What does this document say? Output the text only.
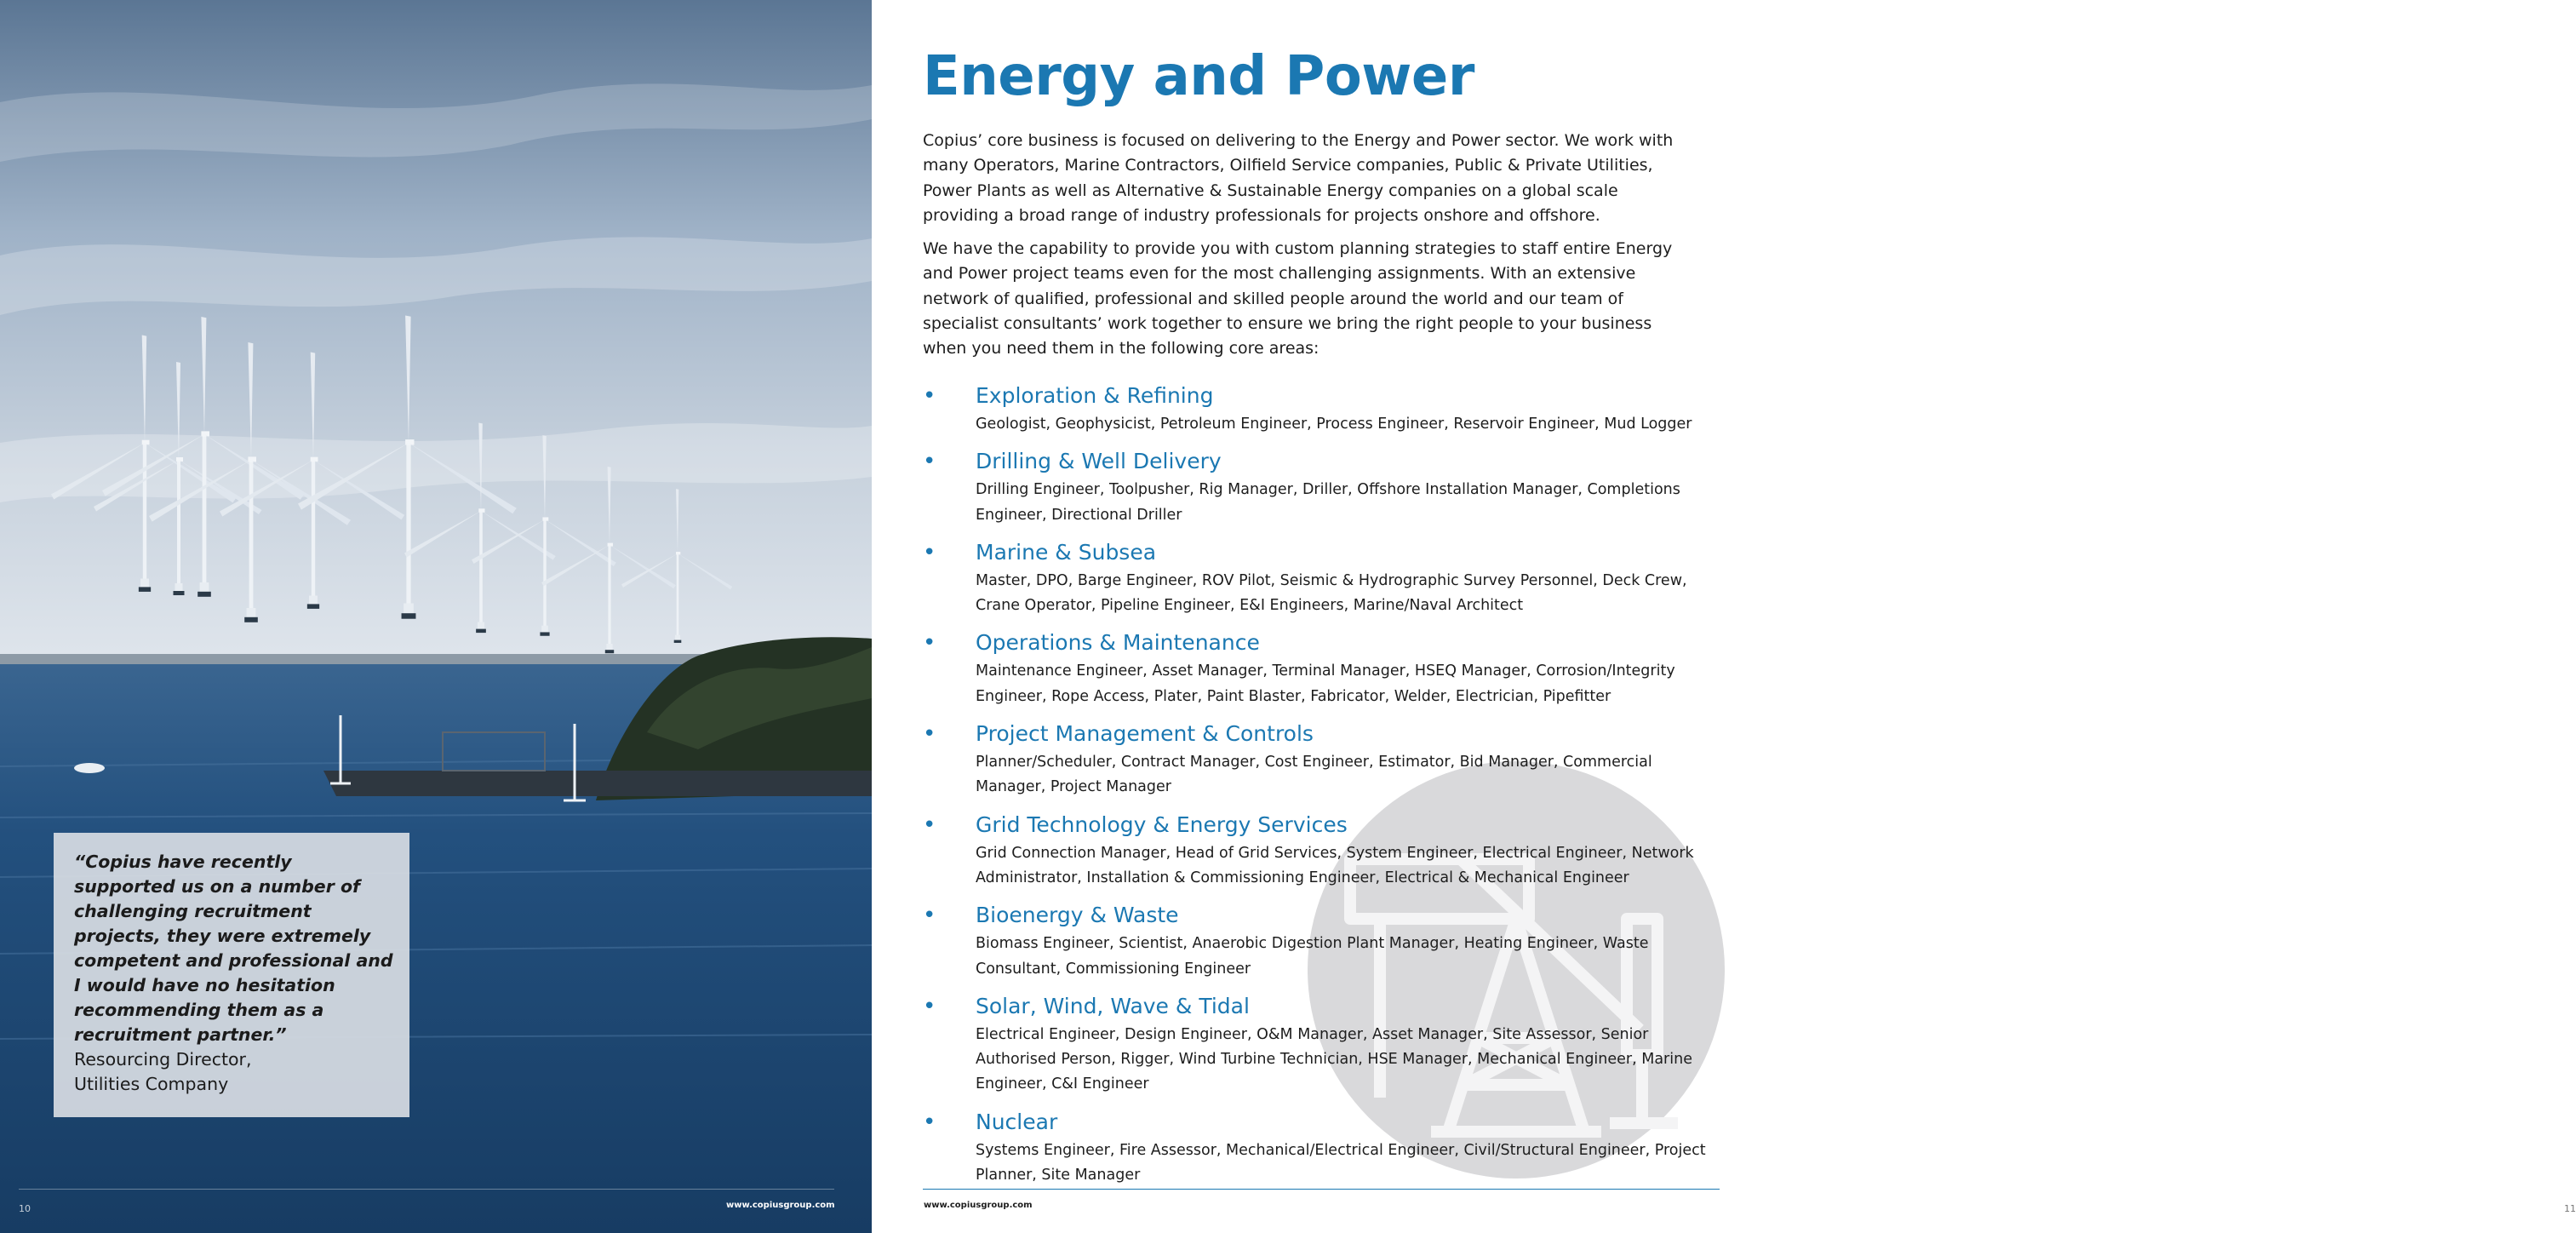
“Copius have recently supported us on a number of challenging recruitment projects, they were extremely competent and professional and I would have no hesitation recommending them as a recruitment partner.”
Resourcing Director,
Utilities Company
10	www.copiusgroup.com
Energy and Power

Copius’ core business is focused on delivering to the Energy and Power sector. We work with many Operators, Marine Contractors, Oilfield Service companies, Public & Private Utilities, Power Plants as well as Alternative & Sustainable Energy companies on a global scale providing a broad range of industry professionals for projects onshore and offshore.

We have the capability to provide you with custom planning strategies to staff entire Energy and Power project teams even for the most challenging assignments. With an extensive network of qualified, professional and skilled people around the world and our team of specialist consultants’ work together to ensure we bring the right people to your business when you need them in the following core areas:

• Exploration & Refining
Geologist, Geophysicist, Petroleum Engineer, Process Engineer, Reservoir Engineer, Mud Logger
• Drilling & Well Delivery
Drilling Engineer, Toolpusher, Rig Manager, Driller, Offshore Installation Manager, Completions Engineer, Directional Driller
• Marine & Subsea
Master, DPO, Barge Engineer, ROV Pilot, Seismic & Hydrographic Survey Personnel, Deck Crew, Crane Operator, Pipeline Engineer, E&I Engineers, Marine/Naval Architect
• Operations & Maintenance
Maintenance Engineer, Asset Manager, Terminal Manager, HSEQ Manager, Corrosion/Integrity Engineer, Rope Access, Plater, Paint Blaster, Fabricator, Welder, Electrician, Pipefitter
• Project Management & Controls
Planner/Scheduler, Contract Manager, Cost Engineer, Estimator, Bid Manager, Commercial Manager, Project Manager
• Grid Technology & Energy Services
Grid Connection Manager, Head of Grid Services, System Engineer, Electrical Engineer, Network Administrator, Installation & Commissioning Engineer, Electrical & Mechanical Engineer
• Bioenergy & Waste
Biomass Engineer, Scientist, Anaerobic Digestion Plant Manager, Heating Engineer, Waste Consultant, Commissioning Engineer
• Solar, Wind, Wave & Tidal
Electrical Engineer, Design Engineer, O&M Manager, Asset Manager, Site Assessor, Senior Authorised Person, Rigger, Wind Turbine Technician, HSE Manager, Mechanical Engineer, Marine Engineer, C&I Engineer
• Nuclear
Systems Engineer, Fire Assessor, Mechanical/Electrical Engineer, Civil/Structural Engineer, Project Planner, Site Manager
www.copiusgroup.com	11
